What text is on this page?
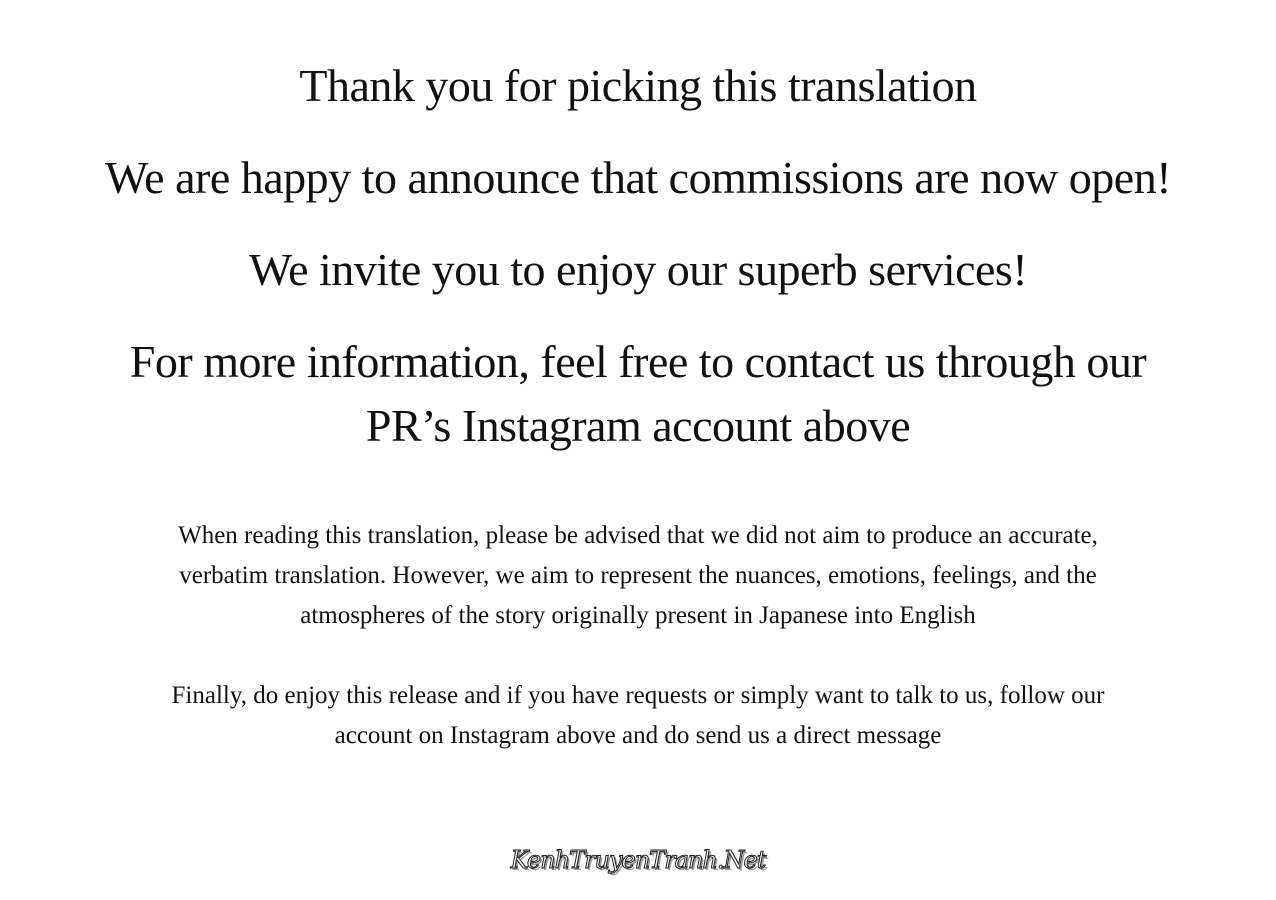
Thank you for picking this translation
We are happy to announce that commissions are now open!
We invite you to enjoy our superb services!
For more information, feel free to contact us through our
PR’s Instagram account above
When reading this translation, please be advised that we did not aim to produce an accurate,
verbatim translation. However, we aim to represent the nuances, emotions, feelings, and the
atmospheres of the story originally present in Japanese into English
Finally, do enjoy this release and if you have requests or simply want to talk to us, follow our
account on Instagram above and do send us a direct message
KenhTruyenTranh.Net
